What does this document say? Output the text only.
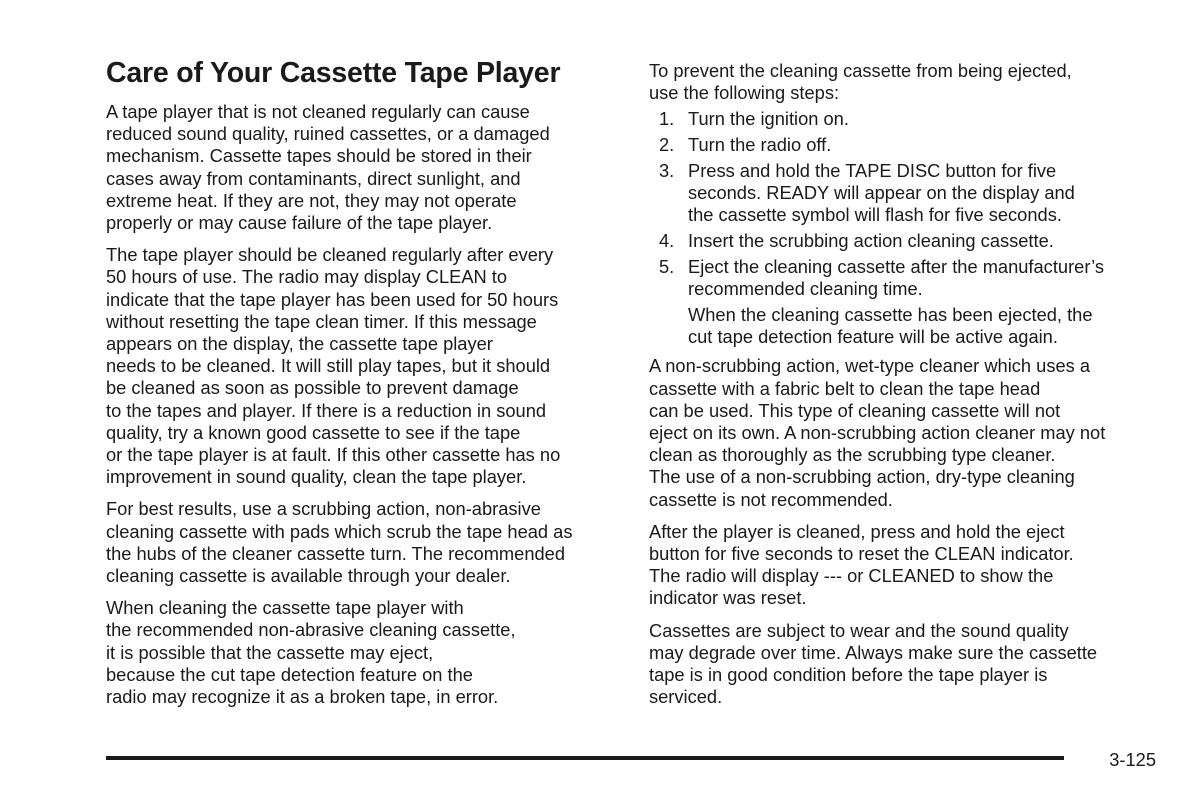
Care of Your Cassette Tape Player

A tape player that is not cleaned regularly can cause
reduced sound quality, ruined cassettes, or a damaged
mechanism. Cassette tapes should be stored in their
cases away from contaminants, direct sunlight, and
extreme heat. If they are not, they may not operate
properly or may cause failure of the tape player.

The tape player should be cleaned regularly after every
50 hours of use. The radio may display CLEAN to
indicate that the tape player has been used for 50 hours
without resetting the tape clean timer. If this message
appears on the display, the cassette tape player
needs to be cleaned. It will still play tapes, but it should
be cleaned as soon as possible to prevent damage
to the tapes and player. If there is a reduction in sound
quality, try a known good cassette to see if the tape
or the tape player is at fault. If this other cassette has no
improvement in sound quality, clean the tape player.

For best results, use a scrubbing action, non-abrasive
cleaning cassette with pads which scrub the tape head as
the hubs of the cleaner cassette turn. The recommended
cleaning cassette is available through your dealer.

When cleaning the cassette tape player with
the recommended non-abrasive cleaning cassette,
it is possible that the cassette may eject,
because the cut tape detection feature on the
radio may recognize it as a broken tape, in error.

To prevent the cleaning cassette from being ejected,
use the following steps:

1. Turn the ignition on.
2. Turn the radio off.
3. Press and hold the TAPE DISC button for five
seconds. READY will appear on the display and
the cassette symbol will flash for five seconds.
4. Insert the scrubbing action cleaning cassette.
5. Eject the cleaning cassette after the manufacturer’s
recommended cleaning time.
When the cleaning cassette has been ejected, the
cut tape detection feature will be active again.

A non-scrubbing action, wet-type cleaner which uses a
cassette with a fabric belt to clean the tape head
can be used. This type of cleaning cassette will not
eject on its own. A non-scrubbing action cleaner may not
clean as thoroughly as the scrubbing type cleaner.
The use of a non-scrubbing action, dry-type cleaning
cassette is not recommended.

After the player is cleaned, press and hold the eject
button for five seconds to reset the CLEAN indicator.
The radio will display --- or CLEANED to show the
indicator was reset.

Cassettes are subject to wear and the sound quality
may degrade over time. Always make sure the cassette
tape is in good condition before the tape player is
serviced.

3-125
